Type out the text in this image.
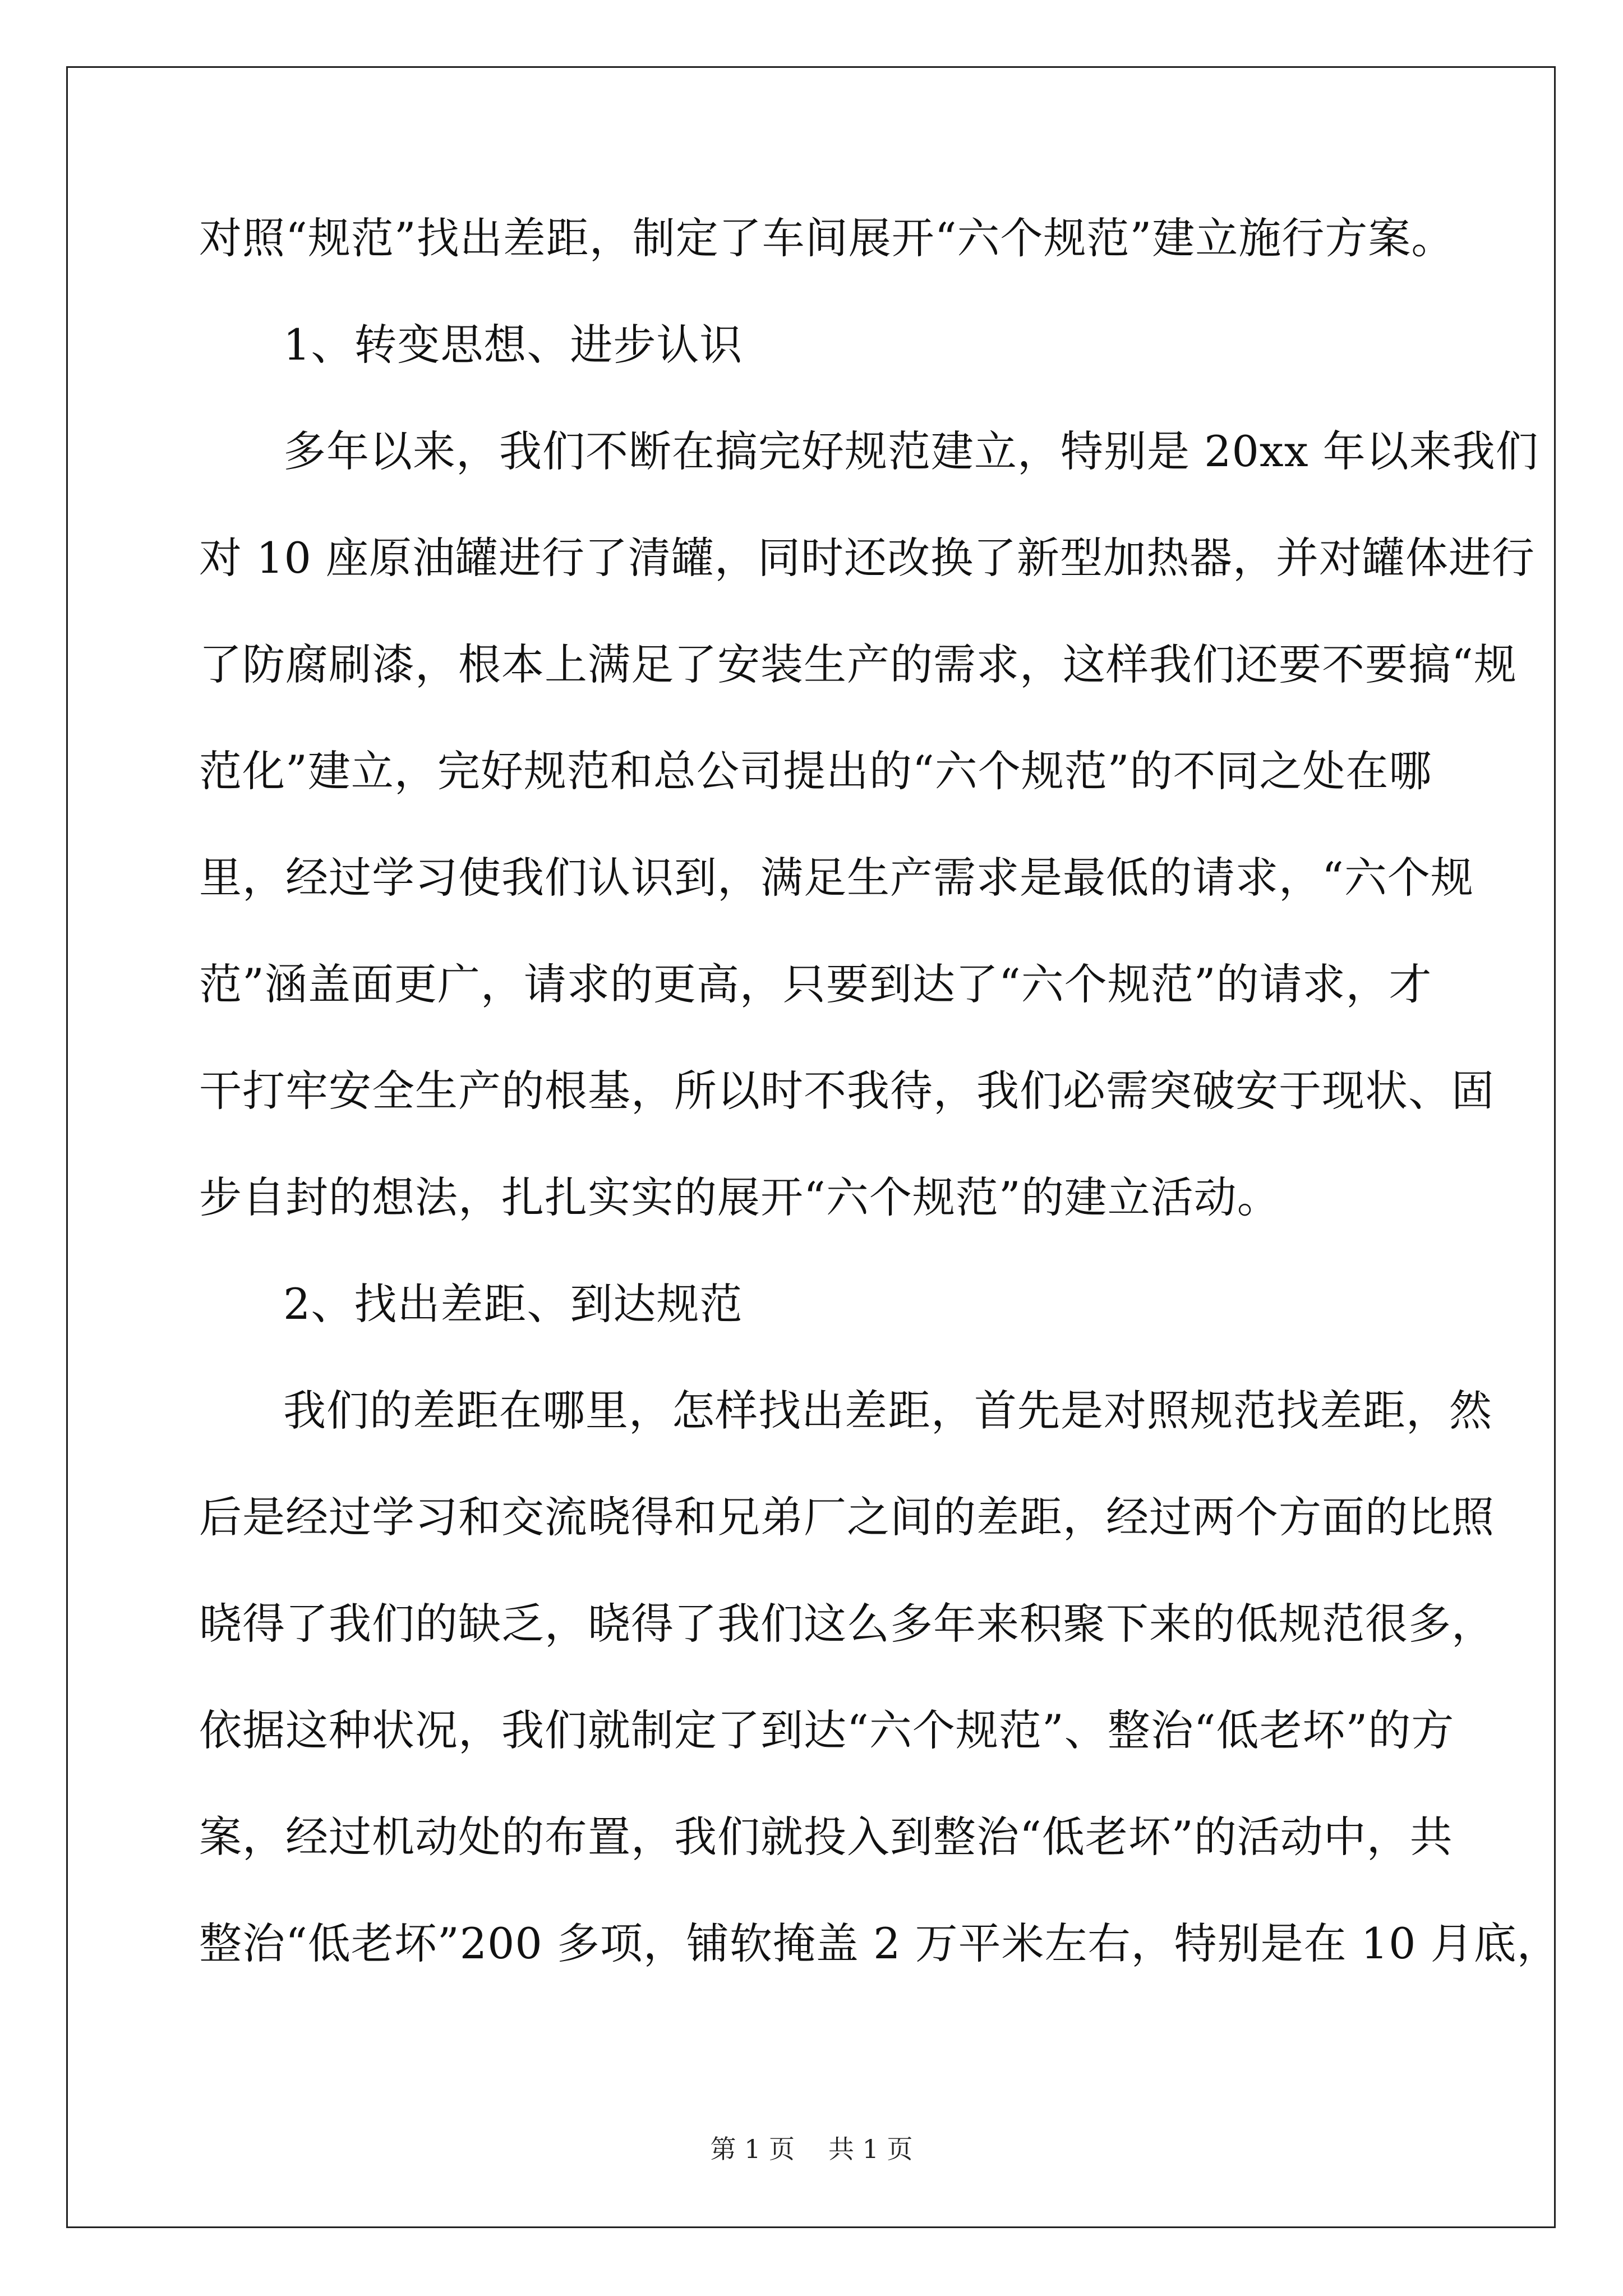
对照“规范”找出差距，制定了车间展开“六个规范”建立施行方案。
1、转变思想、进步认识
多年以来，我们不断在搞完好规范建立，特别是 20xx 年以来我们
对 10 座原油罐进行了清罐，同时还改换了新型加热器，并对罐体进行
了防腐刷漆，根本上满足了安装生产的需求，这样我们还要不要搞“规
范化”建立，完好规范和总公司提出的“六个规范”的不同之处在哪
里，经过学习使我们认识到，满足生产需求是最低的请求，“六个规
范”涵盖面更广，请求的更高，只要到达了“六个规范”的请求，才
干打牢安全生产的根基，所以时不我待，我们必需突破安于现状、固
步自封的想法，扎扎实实的展开“六个规范”的建立活动。
2、找出差距、到达规范
我们的差距在哪里，怎样找出差距，首先是对照规范找差距，然
后是经过学习和交流晓得和兄弟厂之间的差距，经过两个方面的比照
晓得了我们的缺乏，晓得了我们这么多年来积聚下来的低规范很多，
依据这种状况，我们就制定了到达“六个规范”、整治“低老坏”的方
案，经过机动处的布置，我们就投入到整治“低老坏”的活动中，共
整治“低老坏”200 多项，铺软掩盖 2 万平米左右，特别是在 10 月底，
第 1 页 共 1 页
